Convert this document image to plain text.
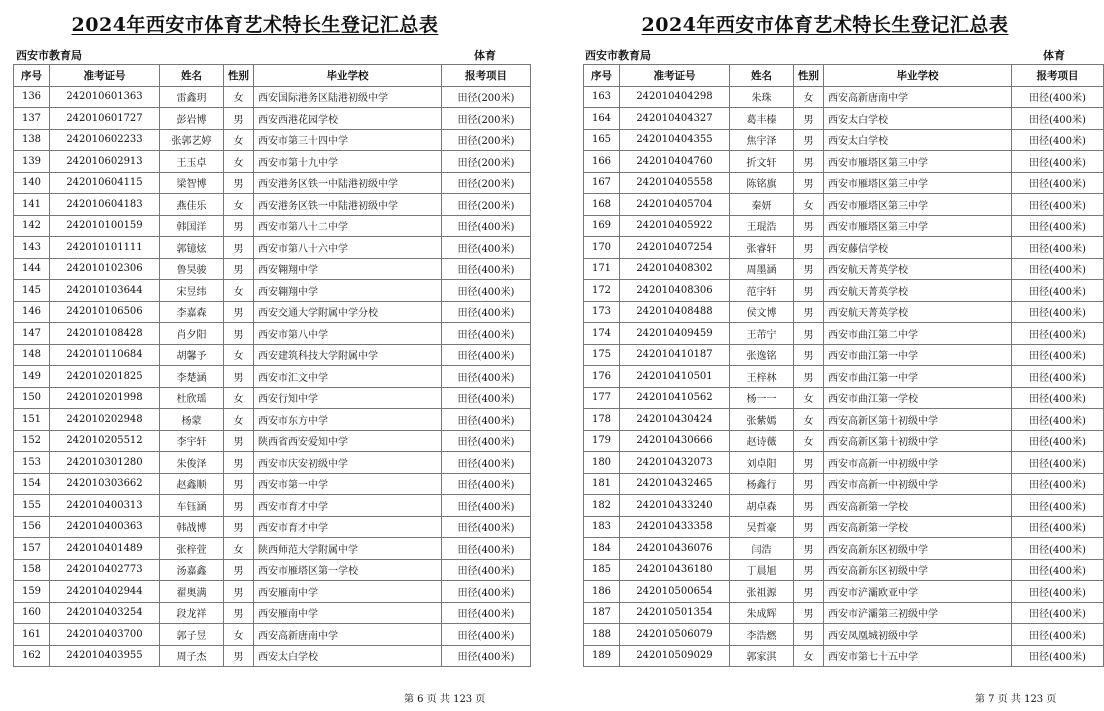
2024年西安市体育艺术特长生登记汇总表
西安市教育局	体育
序号	准考证号	姓名	性别	毕业学校	报考项目
136	242010601363	雷鑫玥	女	西安国际港务区陆港初级中学	田径(200米)
137	242010601727	彭岩博	男	西安西港花园学校	田径(200米)
138	242010602233	张郭艺婷	女	西安市第三十四中学	田径(200米)
139	242010602913	王玉卓	女	西安市第十九中学	田径(200米)
140	242010604115	梁智博	男	西安港务区铁一中陆港初级中学	田径(200米)
141	242010604183	燕佳乐	女	西安港务区铁一中陆港初级中学	田径(200米)
142	242010100159	韩国洋	男	西安市第八十二中学	田径(400米)
143	242010101111	郭镱炫	男	西安市第八十六中学	田径(400米)
144	242010102306	鲁昊骏	男	西安翱翔中学	田径(400米)
145	242010103644	宋昱纬	女	西安翱翔中学	田径(400米)
146	242010106506	李嘉森	男	西安交通大学附属中学分校	田径(400米)
147	242010108428	肖夕阳	男	西安市第八中学	田径(400米)
148	242010110684	胡馨予	女	西安建筑科技大学附属中学	田径(400米)
149	242010201825	李楚涵	男	西安市汇文中学	田径(400米)
150	242010201998	杜欣瑶	女	西安行知中学	田径(400米)
151	242010202948	杨蒙	女	西安市东方中学	田径(400米)
152	242010205512	李宇轩	男	陕西省西安爱知中学	田径(400米)
153	242010301280	朱俊泽	男	西安市庆安初级中学	田径(400米)
154	242010303662	赵鑫顺	男	西安市第一中学	田径(400米)
155	242010400313	车钰涵	男	西安市育才中学	田径(400米)
156	242010400363	韩战博	男	西安市育才中学	田径(400米)
157	242010401489	张梓萱	女	陕西师范大学附属中学	田径(400米)
158	242010402773	汤嘉鑫	男	西安市雁塔区第一学校	田径(400米)
159	242010402944	翟奥满	男	西安雁南中学	田径(400米)
160	242010403254	段龙祥	男	西安雁南中学	田径(400米)
161	242010403700	郭子昱	女	西安高新唐南中学	田径(400米)
162	242010403955	周子杰	男	西安太白学校	田径(400米)
第 6 页 共 123 页
2024年西安市体育艺术特长生登记汇总表
西安市教育局	体育
序号	准考证号	姓名	性别	毕业学校	报考项目
163	242010404298	朱珠	女	西安高新唐南中学	田径(400米)
164	242010404327	葛丰榛	男	西安太白学校	田径(400米)
165	242010404355	焦宇泽	男	西安太白学校	田径(400米)
166	242010404760	折文轩	男	西安市雁塔区第三中学	田径(400米)
167	242010405558	陈铭旗	男	西安市雁塔区第三中学	田径(400米)
168	242010405704	秦妍	女	西安市雁塔区第三中学	田径(400米)
169	242010405922	王琨浩	男	西安市雁塔区第三中学	田径(400米)
170	242010407254	张睿轩	男	西安藤信学校	田径(400米)
171	242010408302	周墨涵	男	西安航天菁英学校	田径(400米)
172	242010408306	范宇轩	男	西安航天菁英学校	田径(400米)
173	242010408488	侯文博	男	西安航天菁英学校	田径(400米)
174	242010409459	王芾宁	男	西安市曲江第二中学	田径(400米)
175	242010410187	张逸铭	男	西安市曲江第一中学	田径(400米)
176	242010410501	王梓林	男	西安市曲江第一中学	田径(400米)
177	242010410562	杨一一	女	西安市曲江第一学校	田径(400米)
178	242010430424	张紫嫣	女	西安高新区第十初级中学	田径(400米)
179	242010430666	赵诗薇	女	西安高新区第十初级中学	田径(400米)
180	242010432073	刘卓阳	男	西安市高新一中初级中学	田径(400米)
181	242010432465	杨鑫行	男	西安市高新一中初级中学	田径(400米)
182	242010433240	胡卓森	男	西安高新第一学校	田径(400米)
183	242010433358	吴哲豪	男	西安高新第一学校	田径(400米)
184	242010436076	闫浩	男	西安高新东区初级中学	田径(400米)
185	242010436180	丁晨旭	男	西安高新东区初级中学	田径(400米)
186	242010500654	张祖源	男	西安市浐灞欧亚中学	田径(400米)
187	242010501354	朱成辉	男	西安市浐灞第三初级中学	田径(400米)
188	242010506079	李浩燃	男	西安凤凰城初级中学	田径(400米)
189	242010509029	郭家淇	女	西安市第七十五中学	田径(400米)
第 7 页 共 123 页
